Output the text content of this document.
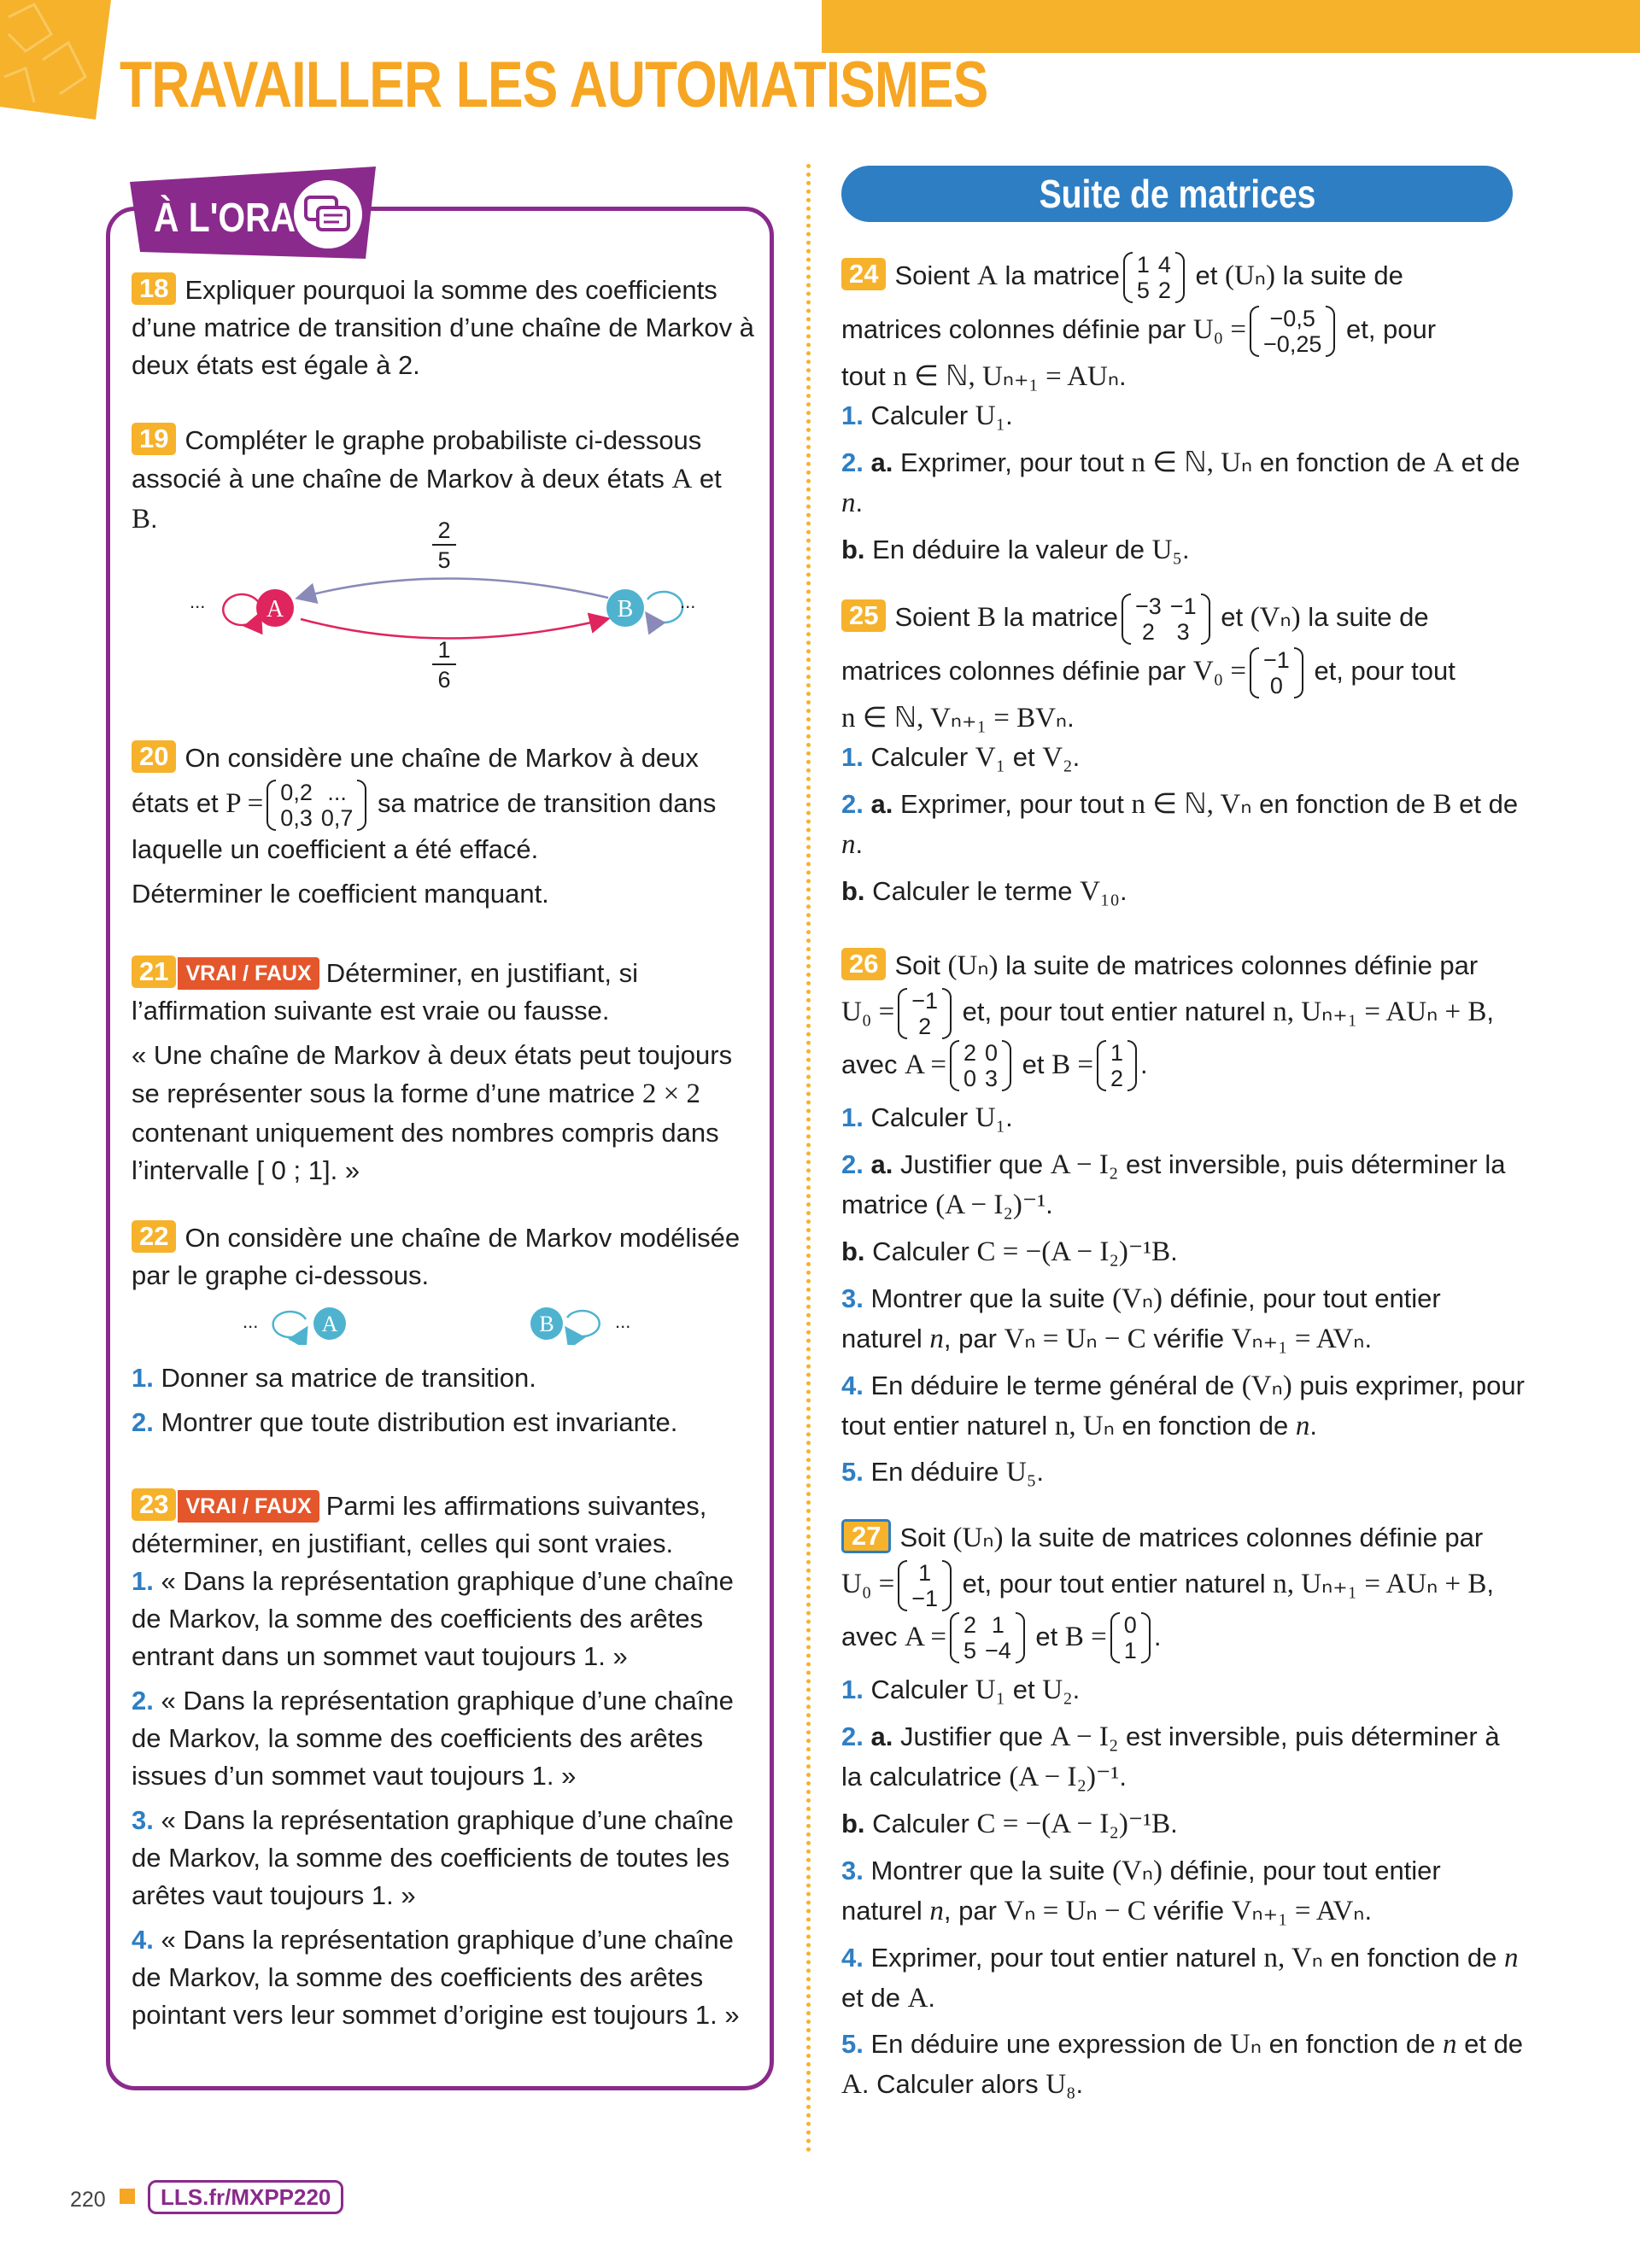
TRAVAILLER LES AUTOMATISMES
À L'ORAL
18 Expliquer pourquoi la somme des coefficients d’une matrice de transition d’une chaîne de Markov à deux états est égale à 2.
19 Compléter le graphe probabiliste ci-dessous associé à une chaîne de Markov à deux états A et B.	2
5
1
6
...	A	...
B
20 On considère une chaîne de Markov à deux
états et P = 0,2	...
0,3	0,7 sa matrice de transition dans
laquelle un coefficient a été effacé.
Déterminer le coefficient manquant.
21 VRAI / FAUX Déterminer, en justifiant, si l’affirmation suivante est vraie ou fausse.
« Une chaîne de Markov à deux états peut toujours se représenter sous la forme d’une matrice 2 × 2 contenant uniquement des nombres compris dans l’intervalle [ 0 ; 1]. »
22 On considère une chaîne de Markov modélisée par le graphe ci-dessous.
...	A	B	...
1. Donner sa matrice de transition.
2. Montrer que toute distribution est invariante.
23 VRAI / FAUX Parmi les affirmations suivantes, déterminer, en justifiant, celles qui sont vraies.
1. « Dans la représentation graphique d’une chaîne de Markov, la somme des coefficients des arêtes entrant dans un sommet vaut toujours 1. »
2. « Dans la représentation graphique d’une chaîne de Markov, la somme des coefficients des arêtes issues d’un sommet vaut toujours 1. »
3. « Dans la représentation graphique d’une chaîne de Markov, la somme des coefficients de toutes les arêtes vaut toujours 1. »
4. « Dans la représentation graphique d’une chaîne de Markov, la somme des coefficients des arêtes pointant vers leur sommet d’origine est toujours 1. »
Suite de matrices
24 Soient A la matrice 1	4
5	2 et (Uₙ) la suite de
matrices colonnes définie par U₀ = −0,5
−0,25 et, pour
tout n ∈ ℕ, Uₙ₊₁ = AUₙ.
1. Calculer U₁.
2. a. Exprimer, pour tout n ∈ ℕ, Uₙ en fonction de A et de n.
b. En déduire la valeur de U₅.
25 Soient B la matrice −3	−1
2	3 et (Vₙ) la suite de
matrices colonnes définie par V₀ = −1
0 et, pour tout
n ∈ ℕ, Vₙ₊₁ = BVₙ.
1. Calculer V₁ et V₂.
2. a. Exprimer, pour tout n ∈ ℕ, Vₙ en fonction de B et de n.
b. Calculer le terme V₁₀.
26 Soit (Uₙ) la suite de matrices colonnes définie par
U₀ = −1
2 et, pour tout entier naturel n, Uₙ₊₁ = AUₙ + B,
avec A = 2	0
0	3 et B = 1
2 .
1. Calculer U₁.
2. a. Justifier que A − I₂ est inversible, puis déterminer la matrice (A − I₂)⁻¹.
b. Calculer C = −(A − I₂)⁻¹B.
3. Montrer que la suite (Vₙ) définie, pour tout entier naturel n, par Vₙ = Uₙ − C vérifie Vₙ₊₁ = AVₙ.
4. En déduire le terme général de (Vₙ) puis exprimer, pour tout entier naturel n, Uₙ en fonction de n.
5. En déduire U₅.
27 Soit (Uₙ) la suite de matrices colonnes définie par
U₀ = 1
−1 et, pour tout entier naturel n, Uₙ₊₁ = AUₙ + B,
avec A = 2	1
5	−4 et B = 0
1 .
1. Calculer U₁ et U₂.
2. a. Justifier que A − I₂ est inversible, puis déterminer à la calculatrice (A − I₂)⁻¹.
b. Calculer C = −(A − I₂)⁻¹B.
3. Montrer que la suite (Vₙ) définie, pour tout entier naturel n, par Vₙ = Uₙ − C vérifie Vₙ₊₁ = AVₙ.
4. Exprimer, pour tout entier naturel n, Vₙ en fonction de n et de A.
5. En déduire une expression de Uₙ en fonction de n et de A. Calculer alors U₈.
220	LLS.fr/MXPP220
